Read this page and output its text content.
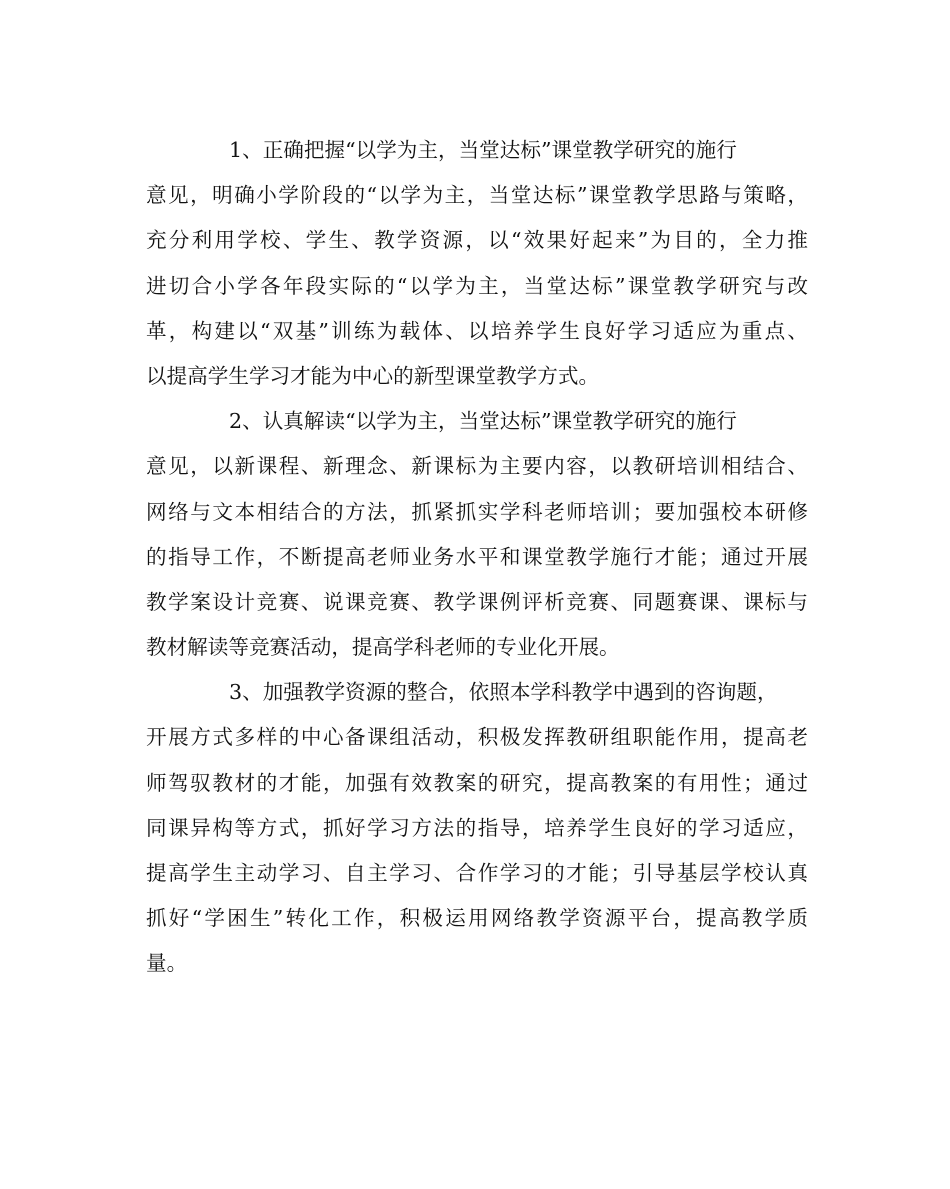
1、正确把握“以学为主，当堂达标”课堂教学研究的施行
意见，明确小学阶段的“以学为主，当堂达标”课堂教学思路与策略，
充分利用学校、学生、教学资源，以“效果好起来”为目的，全力推
进切合小学各年段实际的“以学为主，当堂达标”课堂教学研究与改
革，构建以“双基”训练为载体、以培养学生良好学习适应为重点、
以提高学生学习才能为中心的新型课堂教学方式。
2、认真解读“以学为主，当堂达标”课堂教学研究的施行
意见，以新课程、新理念、新课标为主要内容，以教研培训相结合、
网络与文本相结合的方法，抓紧抓实学科老师培训；要加强校本研修
的指导工作，不断提高老师业务水平和课堂教学施行才能；通过开展
教学案设计竞赛、说课竞赛、教学课例评析竞赛、同题赛课、课标与
教材解读等竞赛活动，提高学科老师的专业化开展。
3、加强教学资源的整合，依照本学科教学中遇到的咨询题，
开展方式多样的中心备课组活动，积极发挥教研组职能作用，提高老
师驾驭教材的才能，加强有效教案的研究，提高教案的有用性；通过
同课异构等方式，抓好学习方法的指导，培养学生良好的学习适应，
提高学生主动学习、自主学习、合作学习的才能；引导基层学校认真
抓好“学困生”转化工作，积极运用网络教学资源平台，提高教学质
量。
